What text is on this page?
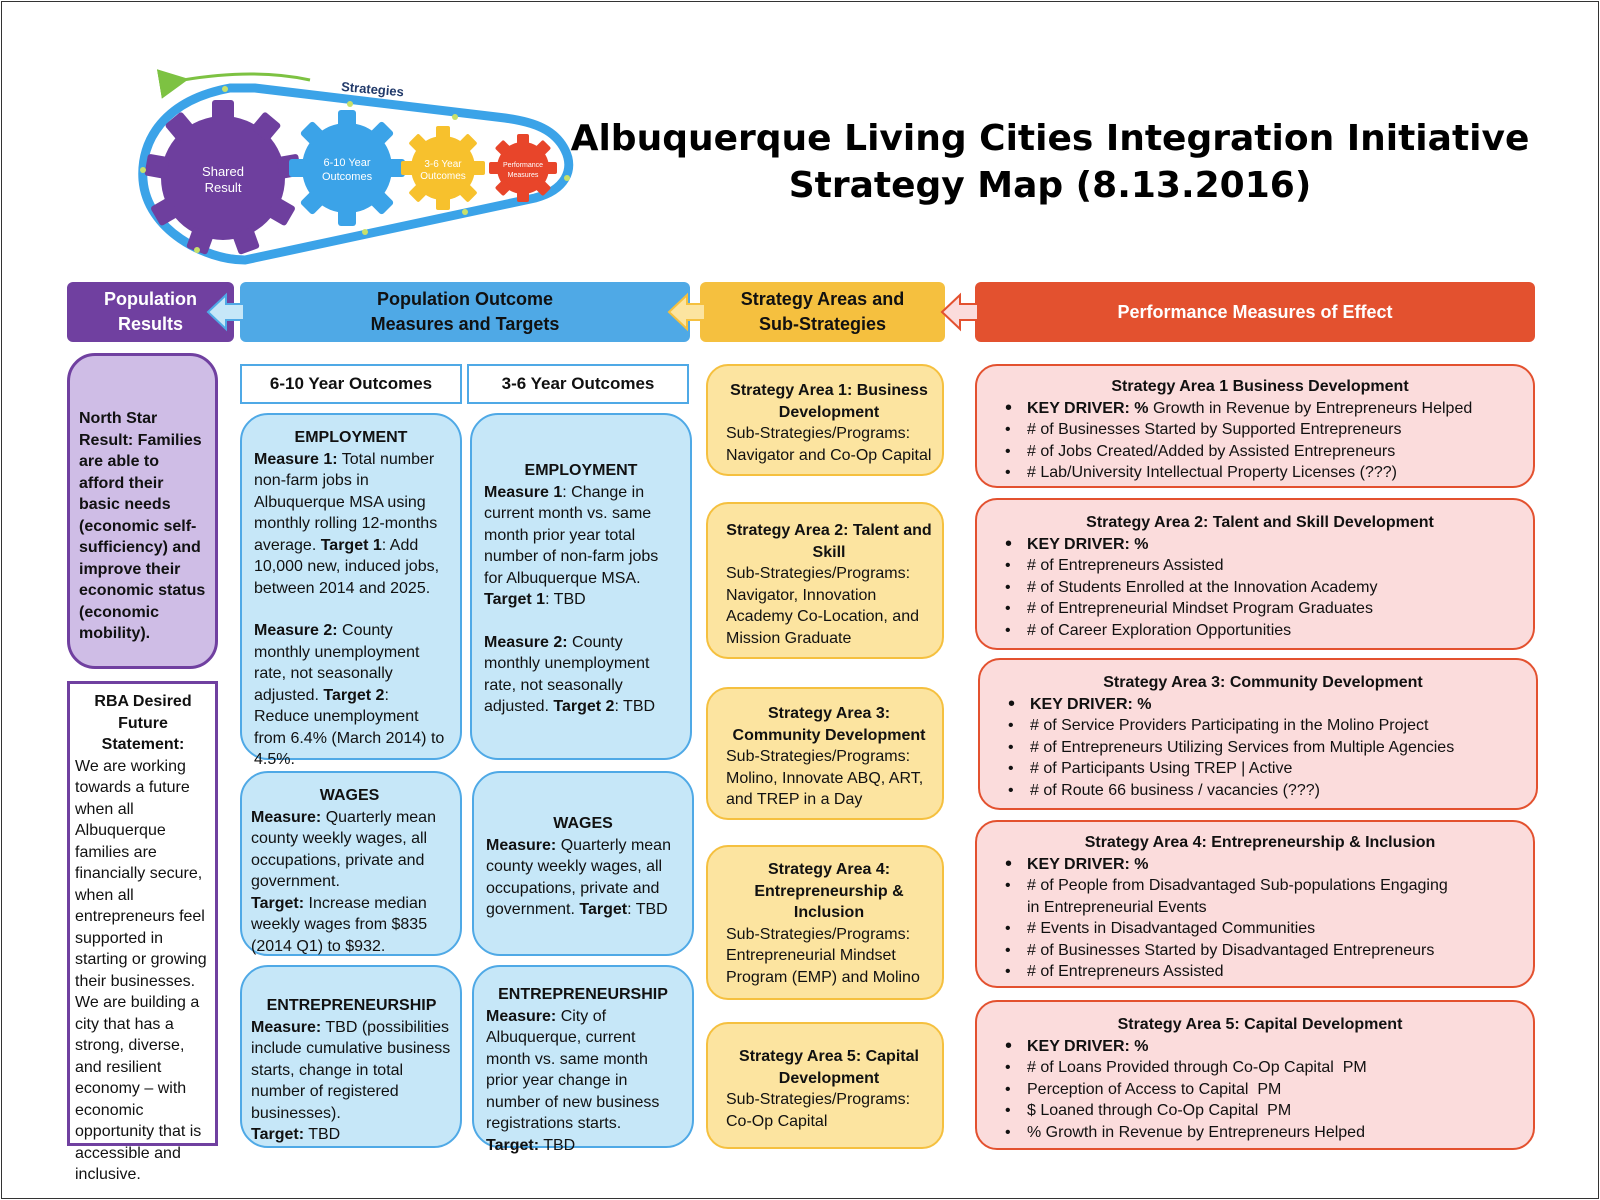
Strategies
Shared
Result
6-10 Year
Outcomes
3-6 Year
Outcomes
Performance
Measures
Albuquerque Living Cities Integration Initiative
Strategy Map (8.13.2016)
Population
Results
Population Outcome
Measures and Targets
Strategy Areas and
Sub-Strategies
Performance Measures of Effect
North Star Result: Families are able to afford their basic needs (economic self-sufficiency) and improve their economic status (economic mobility).
RBA Desired Future Statement:
We are working towards a future when all Albuquerque families are financially secure, when all entrepreneurs feel supported in starting or growing their businesses. We are building a city that has a strong, diverse, and resilient economy – with economic opportunity that is accessible and inclusive.
6-10 Year Outcomes	3-6 Year Outcomes
EMPLOYMENT
Measure 1: Total number non-farm jobs in Albuquerque MSA using monthly rolling 12-months average. Target 1: Add 10,000 new, induced jobs, between 2014 and 2025.
Measure 2: County monthly unemployment rate, not seasonally adjusted. Target 2: Reduce unemployment from 6.4% (March 2014) to 4.5%.
WAGES
Measure: Quarterly mean county weekly wages, all occupations, private and government.
Target: Increase median weekly wages from $835 (2014 Q1) to $932.
ENTREPRENEURSHIP
Measure: TBD (possibilities include cumulative business starts, change in total number of registered businesses).
Target: TBD
EMPLOYMENT
Measure 1: Change in current month vs. same month prior year total number of non-farm jobs for Albuquerque MSA. Target 1: TBD
Measure 2: County monthly unemployment rate, not seasonally adjusted. Target 2: TBD
WAGES
Measure: Quarterly mean county weekly wages, all occupations, private and government. Target: TBD
ENTREPRENEURSHIP
Measure: City of Albuquerque, current month vs. same month prior year change in number of new business registrations starts.
Target: TBD
Strategy Area 1: Business Development
Sub-Strategies/Programs: Navigator and Co-Op Capital
Strategy Area 2: Talent and Skill
Sub-Strategies/Programs: Navigator, Innovation Academy Co-Location, and Mission Graduate
Strategy Area 3: Community Development
Sub-Strategies/Programs: Molino, Innovate ABQ, ART, and TREP in a Day
Strategy Area 4: Entrepreneurship & Inclusion
Sub-Strategies/Programs: Entrepreneurial Mindset Program (EMP) and Molino
Strategy Area 5: Capital Development
Sub-Strategies/Programs: Co-Op Capital
Strategy Area 1 Business Development
• KEY DRIVER: % Growth in Revenue by Entrepreneurs Helped
• # of Businesses Started by Supported Entrepreneurs
• # of Jobs Created/Added by Assisted Entrepreneurs
• # Lab/University Intellectual Property Licenses (???)
Strategy Area 2: Talent and Skill Development
• KEY DRIVER: %
• # of Entrepreneurs Assisted
• # of Students Enrolled at the Innovation Academy
• # of Entrepreneurial Mindset Program Graduates
• # of Career Exploration Opportunities
Strategy Area 3: Community Development
• KEY DRIVER: %
• # of Service Providers Participating in the Molino Project
• # of Entrepreneurs Utilizing Services from Multiple Agencies
• # of Participants Using TREP | Active
• # of Route 66 business / vacancies (???)
Strategy Area 4: Entrepreneurship & Inclusion
• KEY DRIVER: %
• # of People from Disadvantaged Sub-populations Engaging in Entrepreneurial Events
• # Events in Disadvantaged Communities
• # of Businesses Started by Disadvantaged Entrepreneurs
• # of Entrepreneurs Assisted
Strategy Area 5: Capital Development
• KEY DRIVER: %
• # of Loans Provided through Co-Op Capital  PM
• Perception of Access to Capital  PM
• $ Loaned through Co-Op Capital  PM
• % Growth in Revenue by Entrepreneurs Helped
